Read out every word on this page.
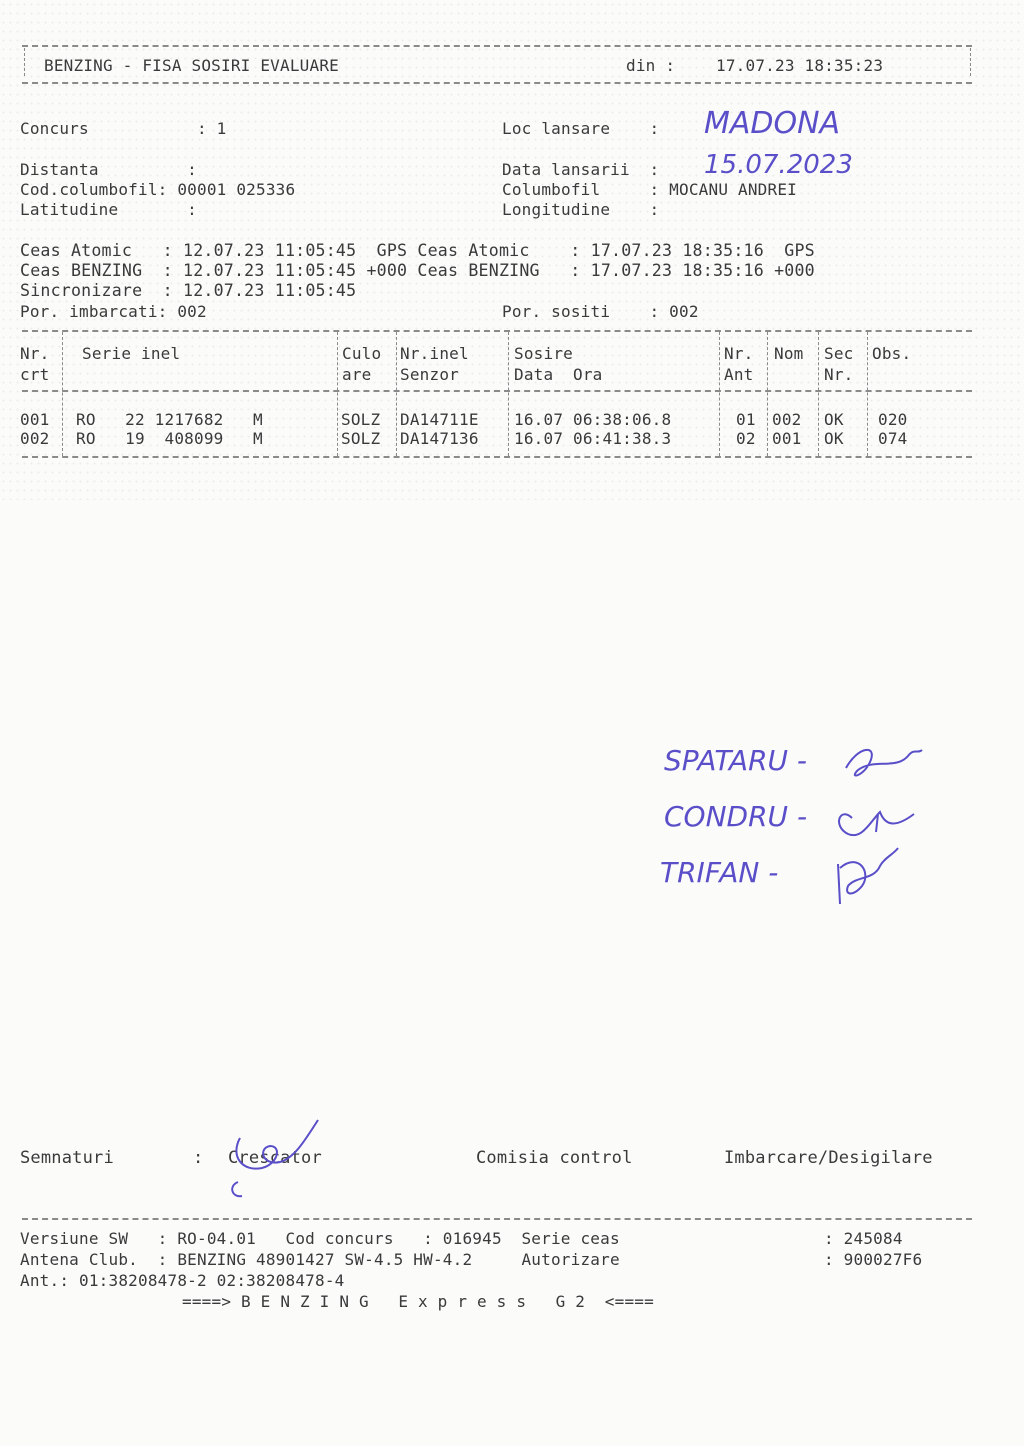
BENZING - FISA SOSIRI EVALUARE	din :	17.07.23 18:35:23
Concurs           : 1	Loc lansare    : MADONA
Distanta         :	Data lansarii  : 15.07.2023
Cod.columbofil: 00001 025336	Columbofil     : MOCANU ANDREI
Latitudine       :	Longitudine    :
Ceas Atomic   : 12.07.23 11:05:45  GPS Ceas Atomic    : 17.07.23 18:35:16  GPS
Ceas BENZING  : 12.07.23 11:05:45 +000 Ceas BENZING   : 17.07.23 18:35:16 +000
Sincronizare  : 12.07.23 11:05:45
Por. imbarcati: 002	Por. sositi    : 002
Nr. Serie inel	Culo Nr.inel	Sosire	Nr. Nom Sec Obs.
crt	are Senzor	Data  Ora	Ant	Nr.
001 RO   22 1217682   M	SOLZ DA14711E 16.07 06:38:06.8	01 002 OK 020
002 RO   19  408099   M	SOLZ DA147136 16.07 06:41:38.3	02 001 OK 074
SPATARU -
CONDRU -
TRIFAN -
Semnaturi	: Crescator	Comisia control	Imbarcare/Desigilare
Versiune SW   : RO-04.01   Cod concurs   : 016945  Serie ceas	: 245084
Antena Club.  : BENZING 48901427 SW-4.5 HW-4.2     Autorizare	: 900027F6
Ant.: 01:38208478-2 02:38208478-4
====> B E N Z I N G   E x p r e s s   G 2  <====
